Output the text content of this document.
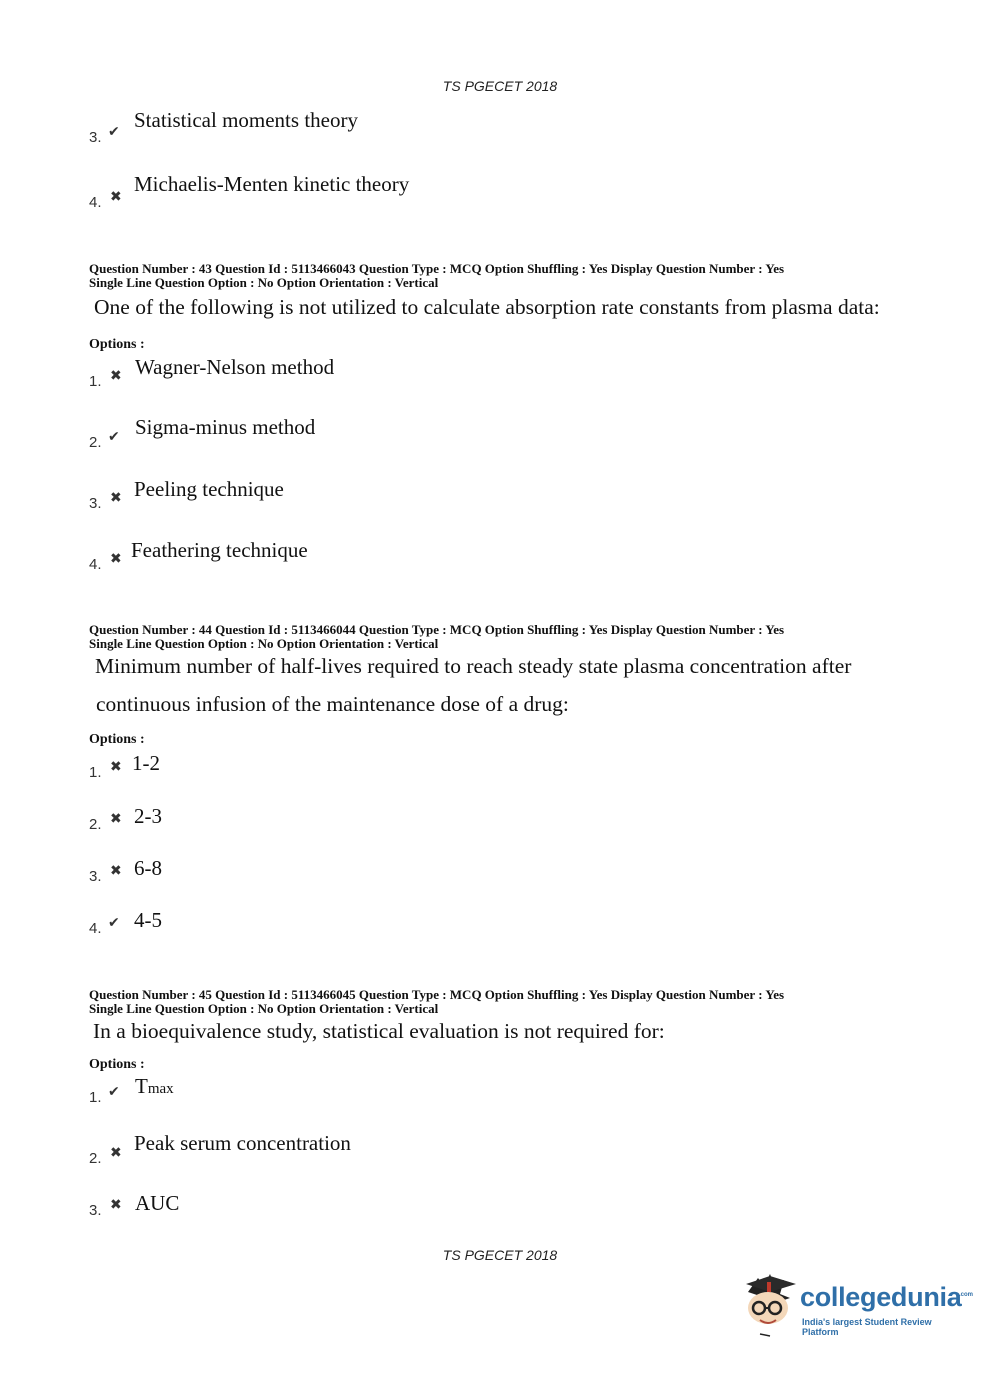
TS PGECET 2018
3. ✔ Statistical moments theory
4. ✖
Michaelis-Menten kinetic theory
Question Number : 43 Question Id : 5113466043 Question Type : MCQ Option Shuffling : Yes Display Question Number : Yes
Single Line Question Option : No Option Orientation : Vertical
One of the following is not utilized to calculate absorption rate constants from plasma data:
Options :
1. ✖ Wagner-Nelson method
2. ✔ Sigma-minus method
3. ✖ Peeling technique
4. ✖ Feathering technique
Question Number : 44 Question Id : 5113466044 Question Type : MCQ Option Shuffling : Yes Display Question Number : Yes
Single Line Question Option : No Option Orientation : Vertical
Minimum number of half-lives required to reach steady state plasma concentration after
continuous infusion of the maintenance dose of a drug:
Options :
1. ✖ 1-2
2. ✖ 2-3
3. ✖ 6-8
4. ✔ 4-5
Question Number : 45 Question Id : 5113466045 Question Type : MCQ Option Shuffling : Yes Display Question Number : Yes
Single Line Question Option : No Option Orientation : Vertical
In a bioequivalence study, statistical evaluation is not required for:
Options :
1. ✔ Tmax
2. ✖ Peak serum concentration
3. ✖ AUC
TS PGECET 2018
collegedunia
.com
India's largest Student Review Platform
